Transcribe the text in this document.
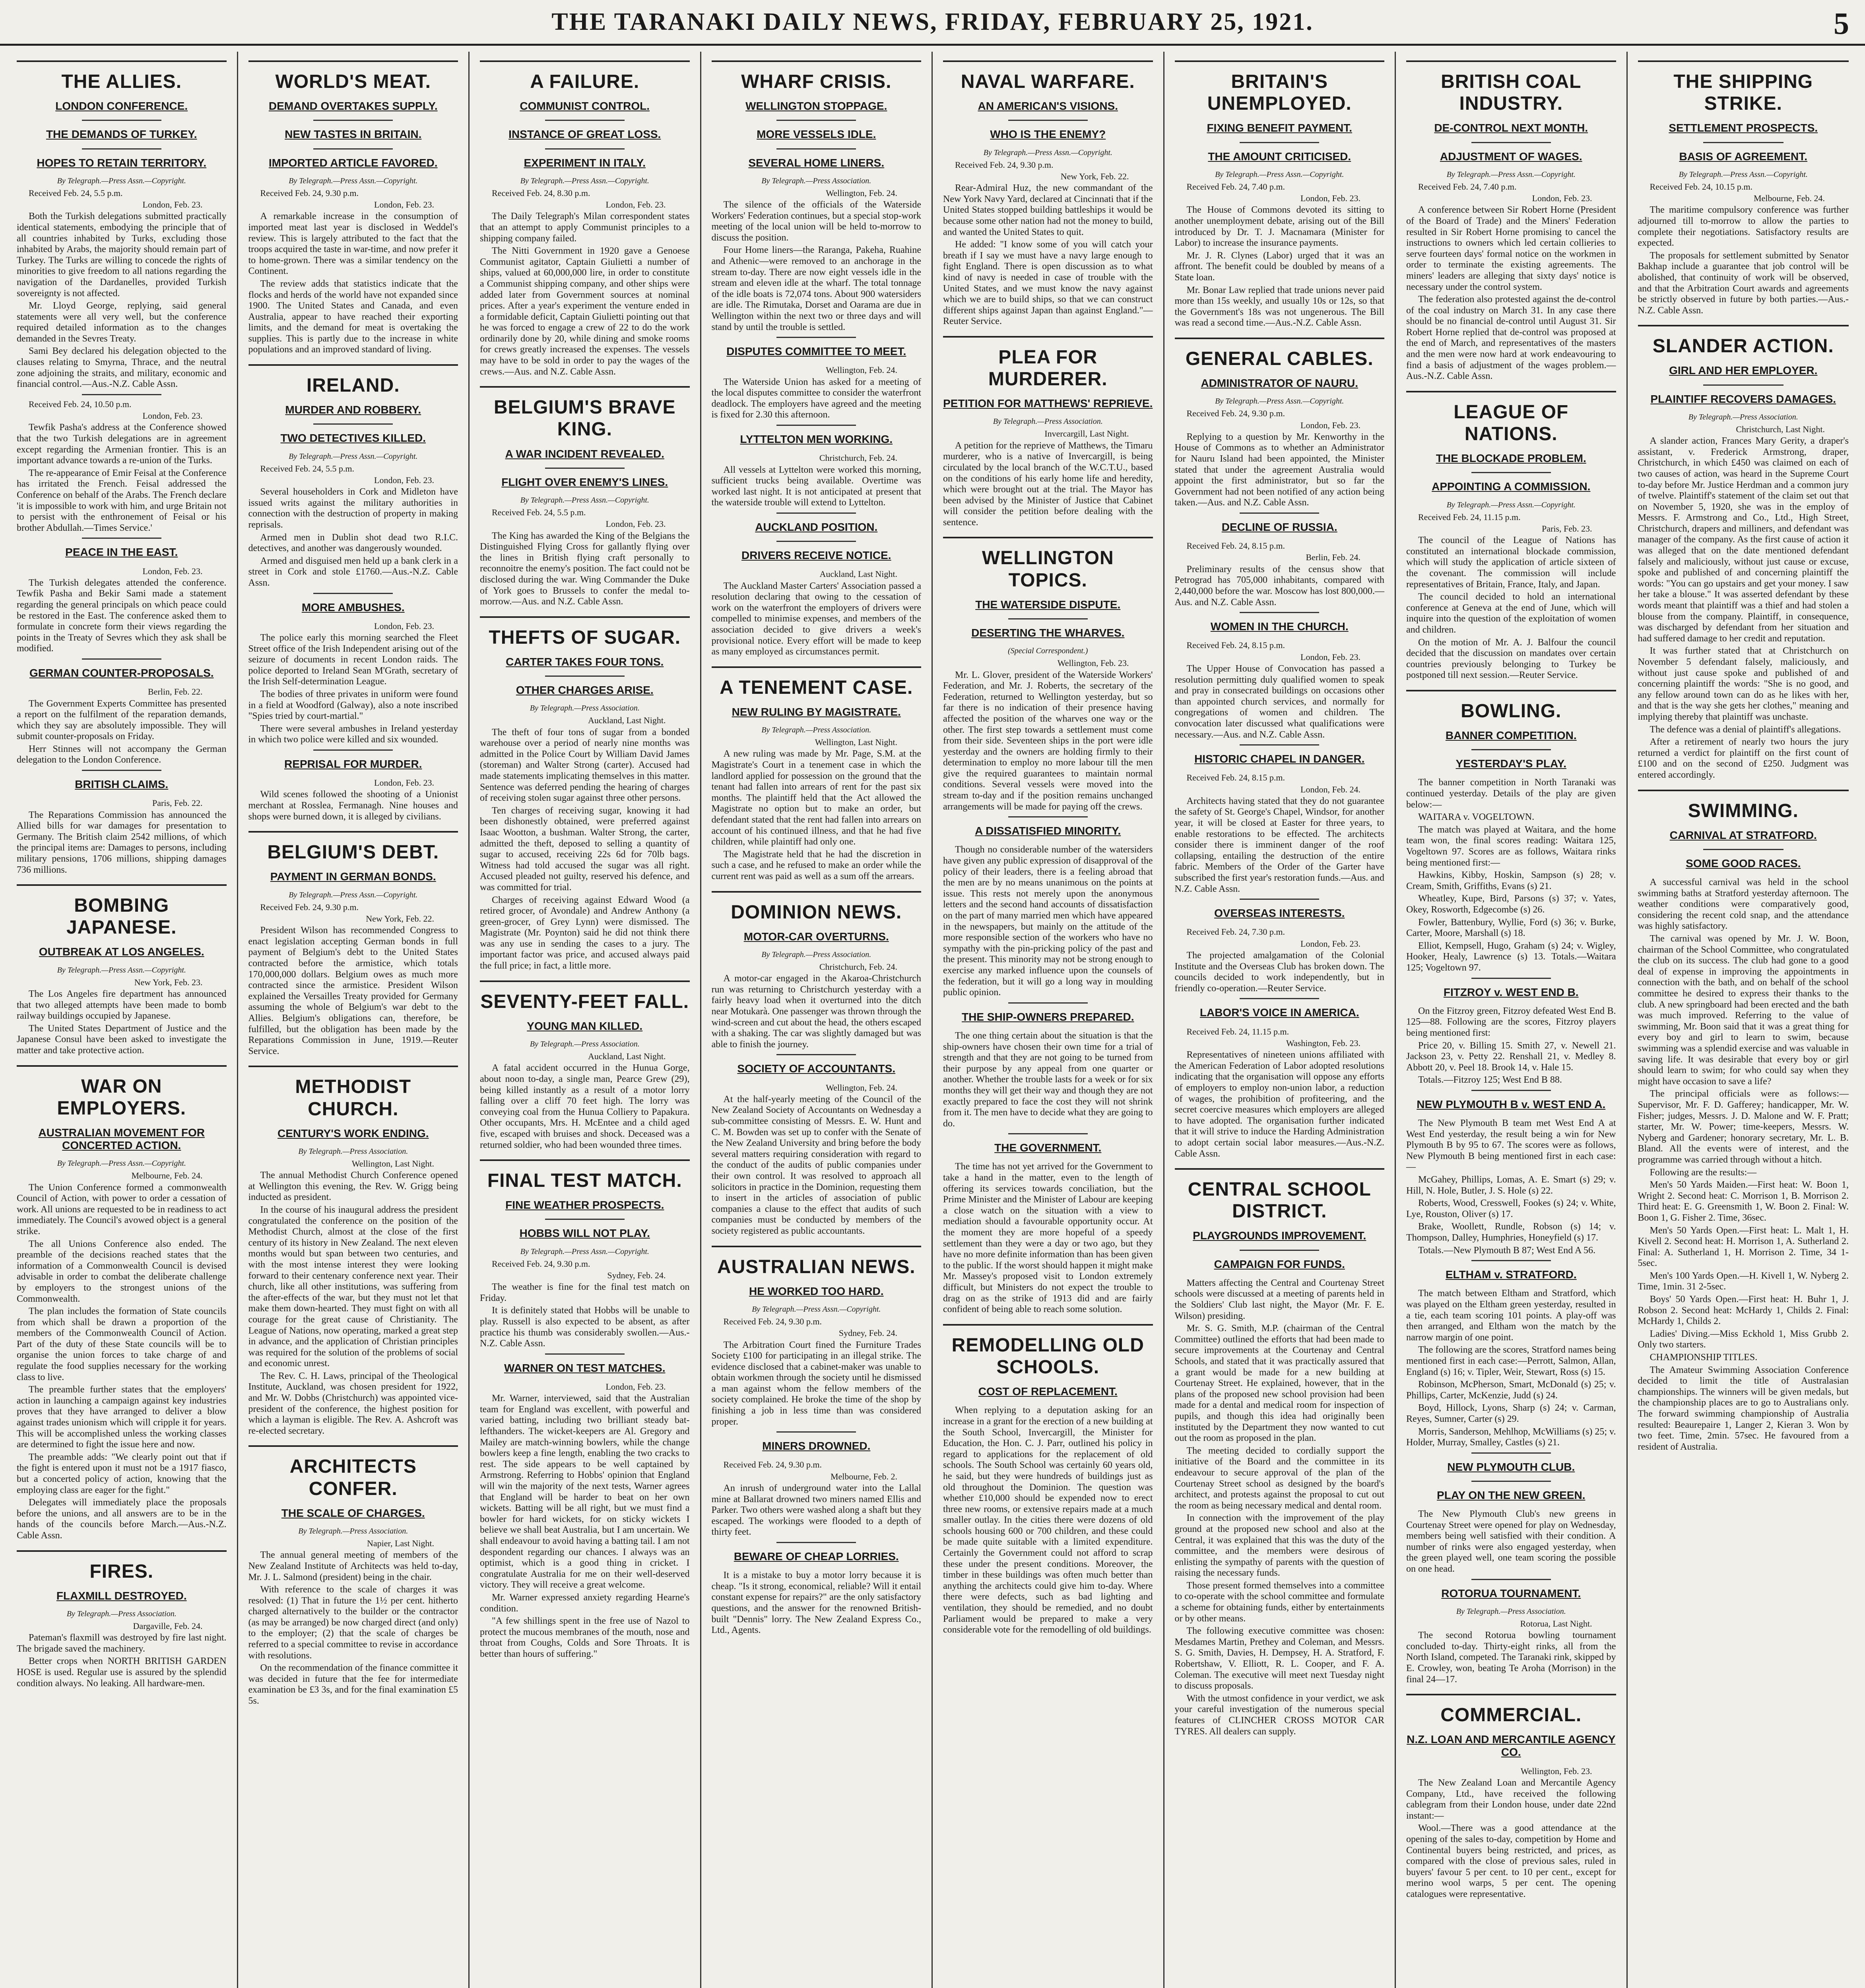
THE TARANAKI DAILY NEWS, FRIDAY, FEBRUARY 25, 1921.	5
THE ALLIES.
LONDON CONFERENCE.
THE DEMANDS OF TURKEY.
HOPES TO RETAIN TERRITORY.
By Telegraph.—Press Assn.—Copyright.
Received Feb. 24, 5.5 p.m.
London, Feb. 23.

Both the Turkish delegations submitted practically identical statements, embodying the principle that of all countries inhabited by Turks, excluding those inhabited by Arabs, the majority should remain part of Turkey. The Turks are willing to concede the rights of minorities to give freedom to all nations regarding the navigation of the Dardanelles, provided Turkish sovereignty is not affected.

Mr. Lloyd George, replying, said general statements were all very well, but the conference required detailed information as to the changes demanded in the Sevres Treaty.

Sami Bey declared his delegation objected to the clauses relating to Smyrna, Thrace, and the neutral zone adjoining the straits, and military, economic and financial control.—Aus.-N.Z. Cable Assn.

Received Feb. 24, 10.50 p.m.
London, Feb. 23.

Tewfik Pasha's address at the Conference showed that the two Turkish delegations are in agreement except regarding the Armenian frontier. This is an important advance towards a re-union of the Turks.

The re-appearance of Emir Feisal at the Conference has irritated the French. Feisal addressed the Conference on behalf of the Arabs. The French declare 'it is impossible to work with him, and urge Britain not to persist with the enthronement of Feisal or his brother Abdullah.—Times Service.'

PEACE IN THE EAST.
London, Feb. 23.

The Turkish delegates attended the conference. Tewfik Pasha and Bekir Sami made a statement regarding the general principals on which peace could be restored in the East. The conference asked them to formulate in concrete form their views regarding the points in the Treaty of Sevres which they ask shall be modified.

GERMAN COUNTER-PROPOSALS.
Berlin, Feb. 22.

The Government Experts Committee has presented a report on the fulfilment of the reparation demands, which they say are absolutely impossible. They will submit counter-proposals on Friday.

Herr Stinnes will not accompany the German delegation to the London Conference.

BRITISH CLAIMS.
Paris, Feb. 22.

The Reparations Commission has announced the Allied bills for war damages for presentation to Germany. The British claim 2542 millions, of which the principal items are: Damages to persons, including military pensions, 1706 millions, shipping damages 736 millions.

BOMBING JAPANESE.
OUTBREAK AT LOS ANGELES.
By Telegraph.—Press Assn.—Copyright.
New York, Feb. 23.

The Los Angeles fire department has announced that two alleged attempts have been made to bomb railway buildings occupied by Japanese.

The United States Department of Justice and the Japanese Consul have been asked to investigate the matter and take protective action.

WAR ON EMPLOYERS.
AUSTRALIAN MOVEMENT FOR CONCERTED ACTION.
By Telegraph.—Press Assn.—Copyright.
Melbourne, Feb. 24.

The Union Conference formed a commonwealth Council of Action, with power to order a cessation of work. All unions are requested to be in readiness to act immediately. The Council's avowed object is a general strike.

The all Unions Conference also ended. The preamble of the decisions reached states that the information of a Commonwealth Council is devised advisable in order to combat the deliberate challenge by employers to the strongest unions of the Commonwealth.

The plan includes the formation of State councils from which shall be drawn a proportion of the members of the Commonwealth Council of Action. Part of the duty of these State councils will be to organise the union forces to take charge of and regulate the food supplies necessary for the working class to live.

The preamble further states that the employers' action in launching a campaign against key industries proves that they have arranged to deliver a blow against trades unionism which will cripple it for years. This will be accomplished unless the working classes are determined to fight the issue here and now.

The preamble adds: "We clearly point out that if the fight is entered upon it must not be a 1917 fiasco, but a concerted policy of action, knowing that the employing class are eager for the fight."

Delegates will immediately place the proposals before the unions, and all answers are to be in the hands of the councils before March.—Aus.-N.Z. Cable Assn.

FIRES.
FLAXMILL DESTROYED.
By Telegraph.—Press Association.
Dargaville, Feb. 24.

Pateman's flaxmill was destroyed by fire last night. The brigade saved the machinery.

Better crops when NORTH BRITISH GARDEN HOSE is used. Regular use is assured by the splendid condition always. No leaking. All hardware-men.

WORLD'S MEAT.
DEMAND OVERTAKES SUPPLY.
NEW TASTES IN BRITAIN.
IMPORTED ARTICLE FAVORED.
By Telegraph.—Press Assn.—Copyright.
Received Feb. 24, 9.30 p.m.
London, Feb. 23.

A remarkable increase in the consumption of imported meat last year is disclosed in Weddel's review. This is largely attributed to the fact that the troops acquired the taste in war-time, and now prefer it to home-grown. There was a similar tendency on the Continent.

The review adds that statistics indicate that the flocks and herds of the world have not expanded since 1900. The United States and Canada, and even Australia, appear to have reached their exporting limits, and the demand for meat is overtaking the supplies. This is partly due to the increase in white populations and an improved standard of living.

IRELAND.
MURDER AND ROBBERY.
TWO DETECTIVES KILLED.
By Telegraph.—Press Assn.—Copyright.
Received Feb. 24, 5.5 p.m.
London, Feb. 23.

Several householders in Cork and Midleton have issued writs against the military authorities in connection with the destruction of property in making reprisals.

Armed men in Dublin shot dead two R.I.C. detectives, and another was dangerously wounded.

Armed and disguised men held up a bank clerk in a street in Cork and stole £1760.—Aus.-N.Z. Cable Assn.

MORE AMBUSHES.
London, Feb. 23.

The police early this morning searched the Fleet Street office of the Irish Independent arising out of the seizure of documents in recent London raids. The police deported to Ireland Sean M'Grath, secretary of the Irish Self-determination League.

The bodies of three privates in uniform were found in a field at Woodford (Galway), also a note inscribed "Spies tried by court-martial."

There were several ambushes in Ireland yesterday in which two police were killed and six wounded.

REPRISAL FOR MURDER.
London, Feb. 23.

Wild scenes followed the shooting of a Unionist merchant at Rosslea, Fermanagh. Nine houses and shops were burned down, it is alleged by civilians.

BELGIUM'S DEBT.
PAYMENT IN GERMAN BONDS.
By Telegraph.—Press Assn.—Copyright.
Received Feb. 24, 9.30 p.m.
New York, Feb. 22.

President Wilson has recommended Congress to enact legislation accepting German bonds in full payment of Belgium's debt to the United States contracted before the armistice, which totals 170,000,000 dollars. Belgium owes as much more contracted since the armistice. President Wilson explained the Versailles Treaty provided for Germany assuming the whole of Belgium's war debt to the Allies. Belgium's obligations can, therefore, be fulfilled, but the obligation has been made by the Reparations Commission in June, 1919.—Reuter Service.

METHODIST CHURCH.
CENTURY'S WORK ENDING.
By Telegraph.—Press Association.
Wellington, Last Night.

The annual Methodist Church Conference opened at Wellington this evening, the Rev. W. Grigg being inducted as president.

In the course of his inaugural address the president congratulated the conference on the position of the Methodist Church, almost at the close of the first century of its history in New Zealand. The next eleven months would but span between two centuries, and with the most intense interest they were looking forward to their centenary conference next year. Their church, like all other institutions, was suffering from the after-effects of the war, but they must not let that make them down-hearted. They must fight on with all courage for the great cause of Christianity. The League of Nations, now operating, marked a great step in advance, and the application of Christian principles was required for the solution of the problems of social and economic unrest.

The Rev. C. H. Laws, principal of the Theological Institute, Auckland, was chosen president for 1922, and Mr. W. Dobbs (Christchurch) was appointed vice-president of the conference, the highest position for which a layman is eligible. The Rev. A. Ashcroft was re-elected secretary.

ARCHITECTS CONFER.
THE SCALE OF CHARGES.
By Telegraph.—Press Association.
Napier, Last Night.

The annual general meeting of members of the New Zealand Institute of Architects was held to-day, Mr. J. L. Salmond (president) being in the chair.

With reference to the scale of charges it was resolved: (1) That in future the 1½ per cent. hitherto charged alternatively to the builder or the contractor (as may be arranged) be now charged direct (and only) to the employer; (2) that the scale of charges be referred to a special committee to revise in accordance with resolutions.

On the recommendation of the finance committee it was decided in future that the fee for intermediate examination be £3 3s, and for the final examination £5 5s.

A FAILURE.
COMMUNIST CONTROL.
INSTANCE OF GREAT LOSS.
EXPERIMENT IN ITALY.
By Telegraph.—Press Assn.—Copyright.
Received Feb. 24, 8.30 p.m.
London, Feb. 23.

The Daily Telegraph's Milan correspondent states that an attempt to apply Communist principles to a shipping company failed.

The Nitti Government in 1920 gave a Genoese Communist agitator, Captain Giulietti a number of ships, valued at 60,000,000 lire, in order to constitute a Communist shipping company, and other ships were added later from Government sources at nominal prices. After a year's experiment the venture ended in a formidable deficit, Captain Giulietti pointing out that he was forced to engage a crew of 22 to do the work ordinarily done by 20, while dining and smoke rooms for crews greatly increased the expenses. The vessels may have to be sold in order to pay the wages of the crews.—Aus. and N.Z. Cable Assn.

BELGIUM'S BRAVE KING.
A WAR INCIDENT REVEALED.
FLIGHT OVER ENEMY'S LINES.
By Telegraph.—Press Assn.—Copyright.
Received Feb. 24, 5.5 p.m.
London, Feb. 23.

The King has awarded the King of the Belgians the Distinguished Flying Cross for gallantly flying over the lines in British flying craft personally to reconnoitre the enemy's position. The fact could not be disclosed during the war. Wing Commander the Duke of York goes to Brussels to confer the medal to-morrow.—Aus. and N.Z. Cable Assn.

THEFTS OF SUGAR.
CARTER TAKES FOUR TONS.
OTHER CHARGES ARISE.
By Telegraph.—Press Association.
Auckland, Last Night.

The theft of four tons of sugar from a bonded warehouse over a period of nearly nine months was admitted in the Police Court by William David James (storeman) and Walter Strong (carter). Accused had made statements implicating themselves in this matter. Sentence was deferred pending the hearing of charges of receiving stolen sugar against three other persons.

Ten charges of receiving sugar, knowing it had been dishonestly obtained, were preferred against Isaac Wootton, a bushman. Walter Strong, the carter, admitted the theft, deposed to selling a quantity of sugar to accused, receiving 22s 6d for 70lb bags. Witness had told accused the sugar was all right. Accused pleaded not guilty, reserved his defence, and was committed for trial.

Charges of receiving against Edward Wood (a retired grocer, of Avondale) and Andrew Anthony (a green-grocer, of Grey Lynn) were dismissed. The Magistrate (Mr. Poynton) said he did not think there was any use in sending the cases to a jury. The important factor was price, and accused always paid the full price; in fact, a little more.

SEVENTY-FEET FALL.
YOUNG MAN KILLED.
By Telegraph.—Press Association.
Auckland, Last Night.

A fatal accident occurred in the Hunua Gorge, about noon to-day, a single man, Pearce Grew (29), being killed instantly as a result of a motor lorry falling over a cliff 70 feet high. The lorry was conveying coal from the Hunua Colliery to Papakura. Other occupants, Mrs. H. McEntee and a child aged five, escaped with bruises and shock. Deceased was a returned soldier, who had been wounded three times.

FINAL TEST MATCH.
FINE WEATHER PROSPECTS.
HOBBS WILL NOT PLAY.
By Telegraph.—Press Assn.—Copyright.
Received Feb. 24, 9.30 p.m.
Sydney, Feb. 24.

The weather is fine for the final test match on Friday.

It is definitely stated that Hobbs will be unable to play. Russell is also expected to be absent, as after practice his thumb was considerably swollen.—Aus.-N.Z. Cable Assn.

WARNER ON TEST MATCHES.
London, Feb. 23.

Mr. Warner, interviewed, said that the Australian team for England was excellent, with powerful and varied batting, including two brilliant steady bat-lefthanders. The wicket-keepers are Al. Gregory and Mailey are match-winning bowlers, while the change bowlers keep a fine length, enabling the two cracks to rest. The side appears to be well captained by Armstrong. Referring to Hobbs' opinion that England will win the majority of the next tests, Warner agrees that England will be harder to beat on her own wickets. Batting will be all right, but we must find a bowler for hard wickets, for on sticky wickets I believe we shall beat Australia, but I am uncertain. We shall endeavour to avoid having a batting tail. I am not despondent regarding our chances. I always was an optimist, which is a good thing in cricket. I congratulate Australia for me on their well-deserved victory. They will receive a great welcome.

Mr. Warner expressed anxiety regarding Hearne's condition.

"A few shillings spent in the free use of Nazol to protect the mucous membranes of the mouth, nose and throat from Coughs, Colds and Sore Throats. It is better than hours of suffering."

WHARF CRISIS.
WELLINGTON STOPPAGE.
MORE VESSELS IDLE.
SEVERAL HOME LINERS.
By Telegraph.—Press Association.
Wellington, Feb. 24.

The silence of the officials of the Waterside Workers' Federation continues, but a special stop-work meeting of the local union will be held to-morrow to discuss the position.

Four Home liners—the Raranga, Pakeha, Ruahine and Athenic—were removed to an anchorage in the stream to-day. There are now eight vessels idle in the stream and eleven idle at the wharf. The total tonnage of the idle boats is 72,074 tons. About 900 watersiders are idle. The Rimutaka, Dorset and Oarama are due in Wellington within the next two or three days and will stand by until the trouble is settled.

DISPUTES COMMITTEE TO MEET.
Wellington, Feb. 24.

The Waterside Union has asked for a meeting of the local disputes committee to consider the waterfront deadlock. The employers have agreed and the meeting is fixed for 2.30 this afternoon.

LYTTELTON MEN WORKING.
Christchurch, Feb. 24.

All vessels at Lyttelton were worked this morning, sufficient trucks being available. Overtime was worked last night. It is not anticipated at present that the waterside trouble will extend to Lyttelton.

AUCKLAND POSITION.
DRIVERS RECEIVE NOTICE.
Auckland, Last Night.

The Auckland Master Carters' Association passed a resolution declaring that owing to the cessation of work on the waterfront the employers of drivers were compelled to minimise expenses, and members of the association decided to give drivers a week's provisional notice. Every effort will be made to keep as many employed as circumstances permit.

A TENEMENT CASE.
NEW RULING BY MAGISTRATE.
By Telegraph.—Press Association.
Wellington, Last Night.

A new ruling was made by Mr. Page, S.M. at the Magistrate's Court in a tenement case in which the landlord applied for possession on the ground that the tenant had fallen into arrears of rent for the past six months. The plaintiff held that the Act allowed the Magistrate no option but to make an order, but defendant stated that the rent had fallen into arrears on account of his continued illness, and that he had five children, while plaintiff had only one.

The Magistrate held that he had the discretion in such a case, and he refused to make an order while the current rent was paid as well as a sum off the arrears.

DOMINION NEWS.
MOTOR-CAR OVERTURNS.
By Telegraph.—Press Association.
Christchurch, Feb. 24.

A motor-car engaged in the Akaroa-Christchurch run was returning to Christchurch yesterday with a fairly heavy load when it overturned into the ditch near Motukarà. One passenger was thrown through the wind-screen and cut about the head, the others escaped with a shaking. The car was slightly damaged but was able to finish the journey.

SOCIETY OF ACCOUNTANTS.
Wellington, Feb. 24.

At the half-yearly meeting of the Council of the New Zealand Society of Accountants on Wednesday a sub-committee consisting of Messrs. E. W. Hunt and C. M. Bowden was set up to confer with the Senate of the New Zealand University and bring before the body several matters requiring consideration with regard to the conduct of the audits of public companies under their own control. It was resolved to approach all solicitors in practice in the Dominion, requesting them to insert in the articles of association of public companies a clause to the effect that audits of such companies must be conducted by members of the society registered as public accountants.

AUSTRALIAN NEWS.
HE WORKED TOO HARD.
By Telegraph.—Press Assn.—Copyright.
Received Feb. 24, 9.30 p.m.
Sydney, Feb. 24.

The Arbitration Court fined the Furniture Trades Society £100 for participating in an illegal strike. The evidence disclosed that a cabinet-maker was unable to obtain workmen through the society until he dismissed a man against whom the fellow members of the society complained. He broke the time of the shop by finishing a job in less time than was considered proper.

MINERS DROWNED.
Received Feb. 24, 9.30 p.m.
Melbourne, Feb. 2.

An inrush of underground water into the Lallal mine at Ballarat drowned two miners named Ellis and Parker. Two others were washed along a shaft but they escaped. The workings were flooded to a depth of thirty feet.

BEWARE OF CHEAP LORRIES.

It is a mistake to buy a motor lorry because it is cheap. "Is it strong, economical, reliable? Will it entail constant expense for repairs?" are the only satisfactory questions, and the answer for the renowned British-built "Dennis" lorry. The New Zealand Express Co., Ltd., Agents.

NAVAL WARFARE.
AN AMERICAN'S VISIONS.
WHO IS THE ENEMY?
By Telegraph.—Press Assn.—Copyright.
Received Feb. 24, 9.30 p.m.
New York, Feb. 22.

Rear-Admiral Huz, the new commandant of the New York Navy Yard, declared at Cincinnati that if the United States stopped building battleships it would be because some other nation had not the money to build, and wanted the United States to quit.

He added: "I know some of you will catch your breath if I say we must have a navy large enough to fight England. There is open discussion as to what kind of navy is needed in case of trouble with the United States, and we must know the navy against which we are to build ships, so that we can construct different ships against Japan than against England."—Reuter Service.

PLEA FOR MURDERER.
PETITION FOR MATTHEWS' REPRIEVE.
By Telegraph.—Press Association.
Invercargill, Last Night.

A petition for the reprieve of Matthews, the Timaru murderer, who is a native of Invercargill, is being circulated by the local branch of the W.C.T.U., based on the conditions of his early home life and heredity, which were brought out at the trial. The Mayor has been advised by the Minister of Justice that Cabinet will consider the petition before dealing with the sentence.

WELLINGTON TOPICS.
THE WATERSIDE DISPUTE.
DESERTING THE WHARVES.
(Special Correspondent.)
Wellington, Feb. 23.

Mr. L. Glover, president of the Waterside Workers' Federation, and Mr. J. Roberts, the secretary of the Federation, returned to Wellington yesterday, but so far there is no indication of their presence having affected the position of the wharves one way or the other. The first step towards a settlement must come from their side. Seventeen ships in the port were idle yesterday and the owners are holding firmly to their determination to employ no more labour till the men give the required guarantees to maintain normal conditions. Several vessels were moved into the stream to-day and if the position remains unchanged arrangements will be made for paying off the crews.

A DISSATISFIED MINORITY.

Though no considerable number of the watersiders have given any public expression of disapproval of the policy of their leaders, there is a feeling abroad that the men are by no means unanimous on the points at issue. This rests not merely upon the anonymous letters and the second hand accounts of dissatisfaction on the part of many married men which have appeared in the newspapers, but mainly on the attitude of the more responsible section of the workers who have no sympathy with the pin-pricking policy of the past and the present. This minority may not be strong enough to exercise any marked influence upon the counsels of the federation, but it will go a long way in moulding public opinion.

THE SHIP-OWNERS PREPARED.

The one thing certain about the situation is that the ship-owners have chosen their own time for a trial of strength and that they are not going to be turned from their purpose by any appeal from one quarter or another. Whether the trouble lasts for a week or for six months they will get their way and though they are not exactly prepared to face the cost they will not shrink from it. The men have to decide what they are going to do.

THE GOVERNMENT.

The time has not yet arrived for the Government to take a hand in the matter, even to the length of offering its services towards conciliation, but the Prime Minister and the Minister of Labour are keeping a close watch on the situation with a view to mediation should a favourable opportunity occur. At the moment they are more hopeful of a speedy settlement than they were a day or two ago, but they have no more definite information than has been given to the public. If the worst should happen it might make Mr. Massey's proposed visit to London extremely difficult, but Ministers do not expect the trouble to drag on as the strike of 1913 did and are fairly confident of being able to reach some solution.

REMODELLING OLD SCHOOLS.
COST OF REPLACEMENT.

When replying to a deputation asking for an increase in a grant for the erection of a new building at the South School, Invercargill, the Minister for Education, the Hon. C. J. Parr, outlined his policy in regard to applications for the replacement of old schools. The South School was certainly 60 years old, he said, but they were hundreds of buildings just as old throughout the Dominion. The question was whether £10,000 should be expended now to erect three new rooms, or extensive repairs made at a much smaller outlay. In the cities there were dozens of old schools housing 600 or 700 children, and these could be made quite suitable with a limited expenditure. Certainly the Government could not afford to scrap these under the present conditions. Moreover, the timber in these buildings was often much better than anything the architects could give him to-day. Where there were defects, such as bad lighting and ventilation, they should be remedied, and no doubt Parliament would be prepared to make a very considerable vote for the remodelling of old buildings.

BRITAIN'S UNEMPLOYED.
FIXING BENEFIT PAYMENT.
THE AMOUNT CRITICISED.
By Telegraph.—Press Assn.—Copyright.
Received Feb. 24, 7.40 p.m.
London, Feb. 23.

The House of Commons devoted its sitting to another unemployment debate, arising out of the Bill introduced by Dr. T. J. Macnamara (Minister for Labor) to increase the insurance payments.

Mr. J. R. Clynes (Labor) urged that it was an affront. The benefit could be doubled by means of a State loan.

Mr. Bonar Law replied that trade unions never paid more than 15s weekly, and usually 10s or 12s, so that the Government's 18s was not ungenerous. The Bill was read a second time.—Aus.-N.Z. Cable Assn.

GENERAL CABLES.
ADMINISTRATOR OF NAURU.
By Telegraph.—Press Assn.—Copyright.
Received Feb. 24, 9.30 p.m.
London, Feb. 23.

Replying to a question by Mr. Kenworthy in the House of Commons as to whether an Administrator for Nauru Island had been appointed, the Minister stated that under the agreement Australia would appoint the first administrator, but so far the Government had not been notified of any action being taken.—Aus. and N.Z. Cable Assn.

DECLINE OF RUSSIA.
Received Feb. 24, 8.15 p.m.
Berlin, Feb. 24.

Preliminary results of the census show that Petrograd has 705,000 inhabitants, compared with 2,440,000 before the war. Moscow has lost 800,000.—Aus. and N.Z. Cable Assn.

WOMEN IN THE CHURCH.
Received Feb. 24, 8.15 p.m.
London, Feb. 23.

The Upper House of Convocation has passed a resolution permitting duly qualified women to speak and pray in consecrated buildings on occasions other than appointed church services, and normally for congregations of women and children. The convocation later discussed what qualifications were necessary.—Aus. and N.Z. Cable Assn.

HISTORIC CHAPEL IN DANGER.
Received Feb. 24, 8.15 p.m.
London, Feb. 24.

Architects having stated that they do not guarantee the safety of St. George's Chapel, Windsor, for another year, it will be closed at Easter for three years, to enable restorations to be effected. The architects consider there is imminent danger of the roof collapsing, entailing the destruction of the entire fabric. Members of the Order of the Garter have subscribed the first year's restoration funds.—Aus. and N.Z. Cable Assn.

OVERSEAS INTERESTS.
Received Feb. 24, 7.30 p.m.
London, Feb. 23.

The projected amalgamation of the Colonial Institute and the Overseas Club has broken down. The councils decided to work independently, but in friendly co-operation.—Reuter Service.

LABOR'S VOICE IN AMERICA.
Received Feb. 24, 11.15 p.m.
Washington, Feb. 23.

Representatives of nineteen unions affiliated with the American Federation of Labor adopted resolutions indicating that the organisation will oppose any efforts of employers to employ non-union labor, a reduction of wages, the prohibition of profiteering, and the secret coercive measures which employers are alleged to have adopted. The organisation further indicated that it will strive to induce the Harding Administration to adopt certain social labor measures.—Aus.-N.Z. Cable Assn.

CENTRAL SCHOOL DISTRICT.
PLAYGROUNDS IMPROVEMENT.
CAMPAIGN FOR FUNDS.

Matters affecting the Central and Courtenay Street schools were discussed at a meeting of parents held in the Soldiers' Club last night, the Mayor (Mr. F. E. Wilson) presiding.

Mr. S. G. Smith, M.P. (chairman of the Central Committee) outlined the efforts that had been made to secure improvements at the Courtenay and Central Schools, and stated that it was practically assured that a grant would be made for a new building at Courtenay Street. He explained, however, that in the plans of the proposed new school provision had been made for a dental and medical room for inspection of pupils, and though this idea had originally been instituted by the Department they now wanted to cut out the room as proposed in the plan.

The meeting decided to cordially support the initiative of the Board and the committee in its endeavour to secure approval of the plan of the Courtenay Street school as designed by the board's architect, and protests against the proposal to cut out the room as being necessary medical and dental room.

In connection with the improvement of the play ground at the proposed new school and also at the Central, it was explained that this was the duty of the committee, and the members were desirous of enlisting the sympathy of parents with the question of raising the necessary funds.

Those present formed themselves into a committee to co-operate with the school committee and formulate a scheme for obtaining funds, either by entertainments or by other means.

The following executive committee was chosen: Mesdames Martin, Prethey and Coleman, and Messrs. S. G. Smith, Davies, H. Dempsey, H. A. Stratford, F. Robertshaw, V. Elliott, R. L. Cooper, and F. A. Coleman. The executive will meet next Tuesday night to discuss proposals.

With the utmost confidence in your verdict, we ask your careful investigation of the numerous special features of CLINCHER CROSS MOTOR CAR TYRES. All dealers can supply.

BRITISH COAL INDUSTRY.
DE-CONTROL NEXT MONTH.
ADJUSTMENT OF WAGES.
By Telegraph.—Press Assn.—Copyright.
Received Feb. 24, 7.40 p.m.
London, Feb. 23.

A conference between Sir Robert Horne (President of the Board of Trade) and the Miners' Federation resulted in Sir Robert Horne promising to cancel the instructions to owners which led certain collieries to serve fourteen days' formal notice on the workmen in order to terminate the existing agreements. The miners' leaders are alleging that sixty days' notice is necessary under the control system.

The federation also protested against the de-control of the coal industry on March 31. In any case there should be no financial de-control until August 31. Sir Robert Horne replied that de-control was proposed at the end of March, and representatives of the masters and the men were now hard at work endeavouring to find a basis of adjustment of the wages problem.—Aus.-N.Z. Cable Assn.

LEAGUE OF NATIONS.
THE BLOCKADE PROBLEM.
APPOINTING A COMMISSION.
By Telegraph.—Press Assn.—Copyright.
Received Feb. 24, 11.15 p.m.
Paris, Feb. 23.

The council of the League of Nations has constituted an international blockade commission, which will study the application of article sixteen of the covenant. The commission will include representatives of Britain, France, Italy, and Japan.

The council decided to hold an international conference at Geneva at the end of June, which will inquire into the question of the exploitation of women and children.

On the motion of Mr. A. J. Balfour the council decided that the discussion on mandates over certain countries previously belonging to Turkey be postponed till next session.—Reuter Service.

BOWLING.
BANNER COMPETITION.
YESTERDAY'S PLAY.

The banner competition in North Taranaki was continued yesterday. Details of the play are given below:—

WAITARA v. VOGELTOWN.

The match was played at Waitara, and the home team won, the final scores reading: Waitara 125, Vogeltown 97. Scores are as follows, Waitara rinks being mentioned first:—

Hawkins, Kibby, Hoskin, Sampson (s) 28; v. Cream, Smith, Griffiths, Evans (s) 21.

Wheatley, Kupe, Bird, Parsons (s) 37; v. Yates, Okey, Rosworth, Edgecombe (s) 26.

Fowler, Battenbury, Wyllie, Ford (s) 36; v. Burke, Carter, Moore, Marshall (s) 18.

Elliot, Kempsell, Hugo, Graham (s) 24; v. Wigley, Hooker, Healy, Lawrence (s) 13. Totals.—Waitara 125; Vogeltown 97.

FITZROY v. WEST END B.

On the Fitzroy green, Fitzroy defeated West End B. 125—88. Following are the scores, Fitzroy players being mentioned first:

Price 20, v. Billing 15. Smith 27, v. Newell 21. Jackson 23, v. Petty 22. Renshall 21, v. Medley 8. Abbott 20, v. Peel 18. Brook 14, v. Hale 15.

Totals.—Fitzroy 125; West End B 88.

NEW PLYMOUTH B v. WEST END A.

The New Plymouth B team met West End A at West End yesterday, the result being a win for New Plymouth B by 95 to 67. The scores were as follows, New Plymouth B being mentioned first in each case:—

McGahey, Phillips, Lomas, A. E. Smart (s) 29; v. Hill, N. Hole, Butler, J. S. Hole (s) 22.

Roberts, Wood, Cresswell, Fookes (s) 24; v. White, Lye, Rouston, Oliver (s) 17.

Brake, Woollett, Rundle, Robson (s) 14; v. Thompson, Dalley, Humphries, Honeyfield (s) 17.

Totals.—New Plymouth B 87; West End A 56.

ELTHAM v. STRATFORD.

The match between Eltham and Stratford, which was played on the Eltham green yesterday, resulted in a tie, each team scoring 101 points. A play-off was then arranged, and Eltham won the match by the narrow margin of one point.

The following are the scores, Stratford names being mentioned first in each case:—Perrott, Salmon, Allan, England (s) 16; v. Tipler, Weir, Stewart, Ross (s) 15.

Robinson, McPherson, Smart, McDonald (s) 25; v. Phillips, Carter, McKenzie, Judd (s) 24.

Boyd, Hillock, Lyons, Sharp (s) 24; v. Carman, Reyes, Sumner, Carter (s) 29.

Morris, Sanderson, Mehlhop, McWilliams (s) 25; v. Holder, Murray, Smalley, Castles (s) 21.

NEW PLYMOUTH CLUB.
PLAY ON THE NEW GREEN.

The New Plymouth Club's new greens in Courtenay Street were opened for play on Wednesday, members being well satisfied with their condition. A number of rinks were also engaged yesterday, when the green played well, one team scoring the possible on one head.

ROTORUA TOURNAMENT.
By Telegraph.—Press Association.
Rotorua, Last Night.

The second Rotorua bowling tournament concluded to-day. Thirty-eight rinks, all from the North Island, competed. The Taranaki rink, skipped by E. Crowley, won, beating Te Aroha (Morrison) in the final 24—17.

COMMERCIAL.
N.Z. LOAN AND MERCANTILE AGENCY CO.
Wellington, Feb. 23.

The New Zealand Loan and Mercantile Agency Company, Ltd., have received the following cablegram from their London house, under date 22nd instant:—

Wool.—There was a good attendance at the opening of the sales to-day, competition by Home and Continental buyers being restricted, and prices, as compared with the close of previous sales, ruled in buyers' favour 5 per cent. to 10 per cent., except for merino wool warps, 5 per cent. The opening catalogues were representative.

THE SHIPPING STRIKE.
SETTLEMENT PROSPECTS.
BASIS OF AGREEMENT.
By Telegraph.—Press Assn.—Copyright.
Received Feb. 24, 10.15 p.m.
Melbourne, Feb. 24.

The maritime compulsory conference was further adjourned till to-morrow to allow the parties to complete their negotiations. Satisfactory results are expected.

The proposals for settlement submitted by Senator Bakhap include a guarantee that job control will be abolished, that continuity of work will be observed, and that the Arbitration Court awards and agreements be strictly observed in future by both parties.—Aus.-N.Z. Cable Assn.

SLANDER ACTION.
GIRL AND HER EMPLOYER.
PLAINTIFF RECOVERS DAMAGES.
By Telegraph.—Press Association.
Christchurch, Last Night.

A slander action, Frances Mary Gerity, a draper's assistant, v. Frederick Armstrong, draper, Christchurch, in which £450 was claimed on each of two causes of action, was heard in the Supreme Court to-day before Mr. Justice Herdman and a common jury of twelve. Plaintiff's statement of the claim set out that on November 5, 1920, she was in the employ of Messrs. F. Armstrong and Co., Ltd., High Street, Christchurch, drapers and milliners, and defendant was manager of the company. As the first cause of action it was alleged that on the date mentioned defendant falsely and maliciously, without just cause or excuse, spoke and published of and concerning plaintiff the words: "You can go upstairs and get your money. I saw her take a blouse." It was asserted defendant by these words meant that plaintiff was a thief and had stolen a blouse from the company. Plaintiff, in consequence, was discharged by defendant from her situation and had suffered damage to her credit and reputation.

It was further stated that at Christchurch on November 5 defendant falsely, maliciously, and without just cause spoke and published of and concerning plaintiff the words: "She is no good, and any fellow around town can do as he likes with her, and that is the way she gets her clothes," meaning and implying thereby that plaintiff was unchaste.

The defence was a denial of plaintiff's allegations.

After a retirement of nearly two hours the jury returned a verdict for plaintiff on the first count of £100 and on the second of £250. Judgment was entered accordingly.

SWIMMING.
CARNIVAL AT STRATFORD.
SOME GOOD RACES.

A successful carnival was held in the school swimming baths at Stratford yesterday afternoon. The weather conditions were comparatively good, considering the recent cold snap, and the attendance was highly satisfactory.

The carnival was opened by Mr. J. W. Boon, chairman of the School Committee, who congratulated the club on its success. The club had gone to a good deal of expense in improving the appointments in connection with the bath, and on behalf of the school committee he desired to express their thanks to the club. A new springboard had been erected and the bath was much improved. Referring to the value of swimming, Mr. Boon said that it was a great thing for every boy and girl to learn to swim, because swimming was a splendid exercise and was valuable in saving life. It was desirable that every boy or girl should learn to swim; for who could say when they might have occasion to save a life?

The principal officials were as follows:—Supervisor, Mr. F. D. Gafferey; handicapper, Mr. W. Fisher; judges, Messrs. J. D. Malone and W. F. Pratt; starter, Mr. W. Power; time-keepers, Messrs. W. Nyberg and Gardener; honorary secretary, Mr. L. B. Bland. All the events were of interest, and the programme was carried through without a hitch.

Following are the results:—

Men's 50 Yards Maiden.—First heat: W. Boon 1, Wright 2. Second heat: C. Morrison 1, B. Morrison 2. Third heat: E. G. Greensmith 1, W. Boon 2. Final: W. Boon 1, G. Fisher 2. Time, 36sec.

Men's 50 Yards Open.—First heat: L. Malt 1, H. Kivell 2. Second heat: H. Morrison 1, A. Sutherland 2. Final: A. Sutherland 1, H. Morrison 2. Time, 34 1-5sec.

Men's 100 Yards Open.—H. Kivell 1, W. Nyberg 2. Time, 1min. 31 2-5sec.

Boys' 50 Yards Open.—First heat: H. Buhr 1, J. Robson 2. Second heat: McHardy 1, Childs 2. Final: McHardy 1, Childs 2.

Ladies' Diving.—Miss Eckhold 1, Miss Grubb 2. Only two starters.

CHAMPIONSHIP TITLES.

The Amateur Swimming Association Conference decided to limit the title of Australasian championships. The winners will be given medals, but the championship places are to go to Australians only. The forward swimming championship of Australia resulted: Beaurepaire 1, Langer 2, Kieran 3. Won by two feet. Time, 2min. 57sec. He favoured from a resident of Australia.
